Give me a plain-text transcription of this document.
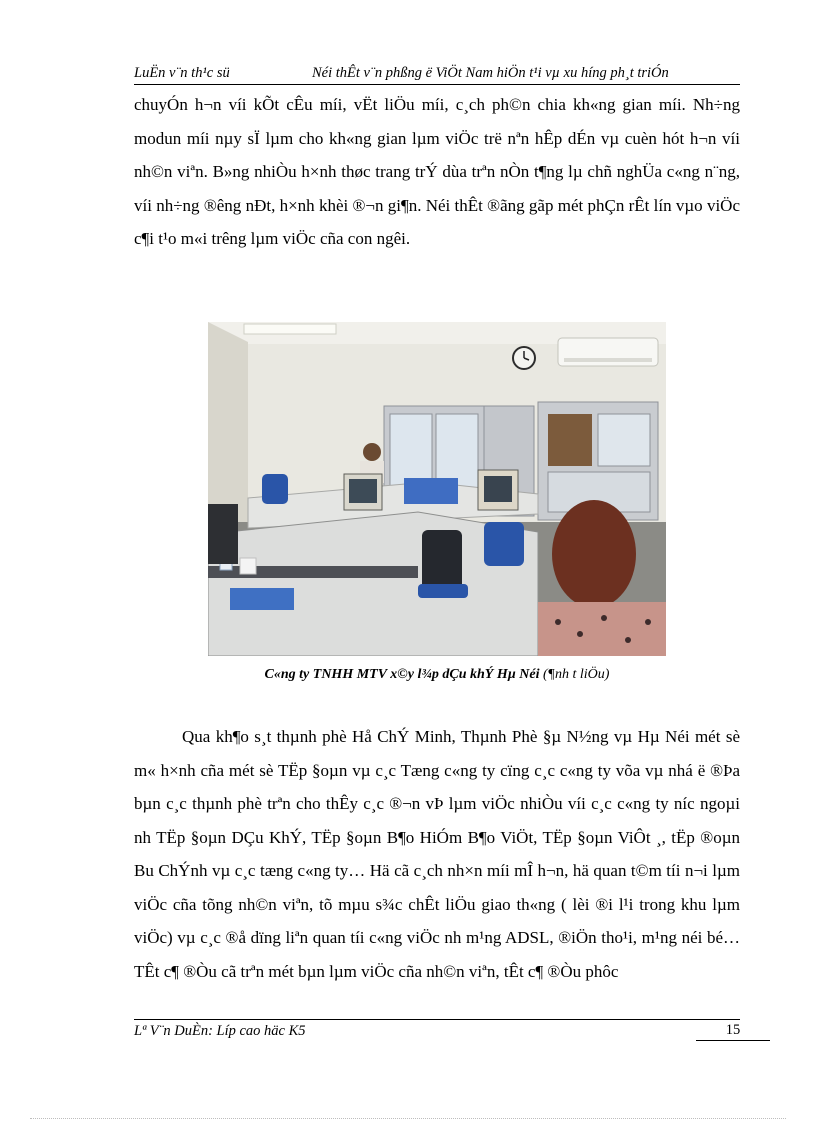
LuËn v¨n th¹c sü	Néi thÊt v¨n phßng ë ViÖt Nam hiÖn t¹i vµ xu híng ph¸t triÓn

chuyÓn h¬n víi kÕt cÊu míi, vËt liÖu míi, c¸ch ph©n chia kh«ng gian míi. Nh÷ng modun míi nµy sÏ lµm cho kh«ng gian lµm viÖc trë nªn hÊp dÉn vµ cuèn hót h¬n víi nh©n viªn. B»ng nhiÒu h×nh thøc trang trÝ dùa trªn nÒn t¶ng lµ chñ nghÜa c«ng n¨ng, víi nh÷ng ®êng nÐt, h×nh khèi ®¬n gi¶n. Néi thÊt ®ãng gãp mét phÇn rÊt lín vµo viÖc c¶i t¹o m«i trêng lµm viÖc cña con ngêi.

C«ng ty TNHH MTV x©y l¾p dÇu khÝ Hµ Néi (¶nh t liÖu)

Qua kh¶o s¸t thµnh phè Hå ChÝ Minh, Thµnh Phè §µ N½ng vµ Hµ Néi mét sè m« h×nh cña mét sè TËp §oµn vµ c¸c Tæng c«ng ty cïng c¸c c«ng ty võa vµ nhá ë ®Þa bµn c¸c thµnh phè trªn cho thÊy c¸c ®¬n vÞ lµm viÖc nhiÒu víi c¸c c«ng ty níc ngoµi nh TËp §oµn DÇu KhÝ, TËp §oµn B¶o HiÓm B¶o ViÖt, TËp §oµn ViÔt ¸, tËp ®oµn Bu ChÝnh vµ c¸c tæng c«ng ty… Hä cã c¸ch nh×n míi mÎ h¬n, hä quan t©m tíi n¬i lµm viÖc cña tõng nh©n viªn, tõ mµu s¾c chÊt liÖu giao th«ng ( lèi ®i l¹i trong khu lµm viÖc) vµ c¸c ®å dïng liªn quan tíi c«ng viÖc nh m¹ng ADSL, ®iÖn tho¹i, m¹ng néi bé… TÊt c¶ ®Òu cã trªn mét bµn lµm viÖc cña nh©n viªn, tÊt c¶ ®Òu phôc

Lª V¨n DuÈn: Líp cao häc K5	15
